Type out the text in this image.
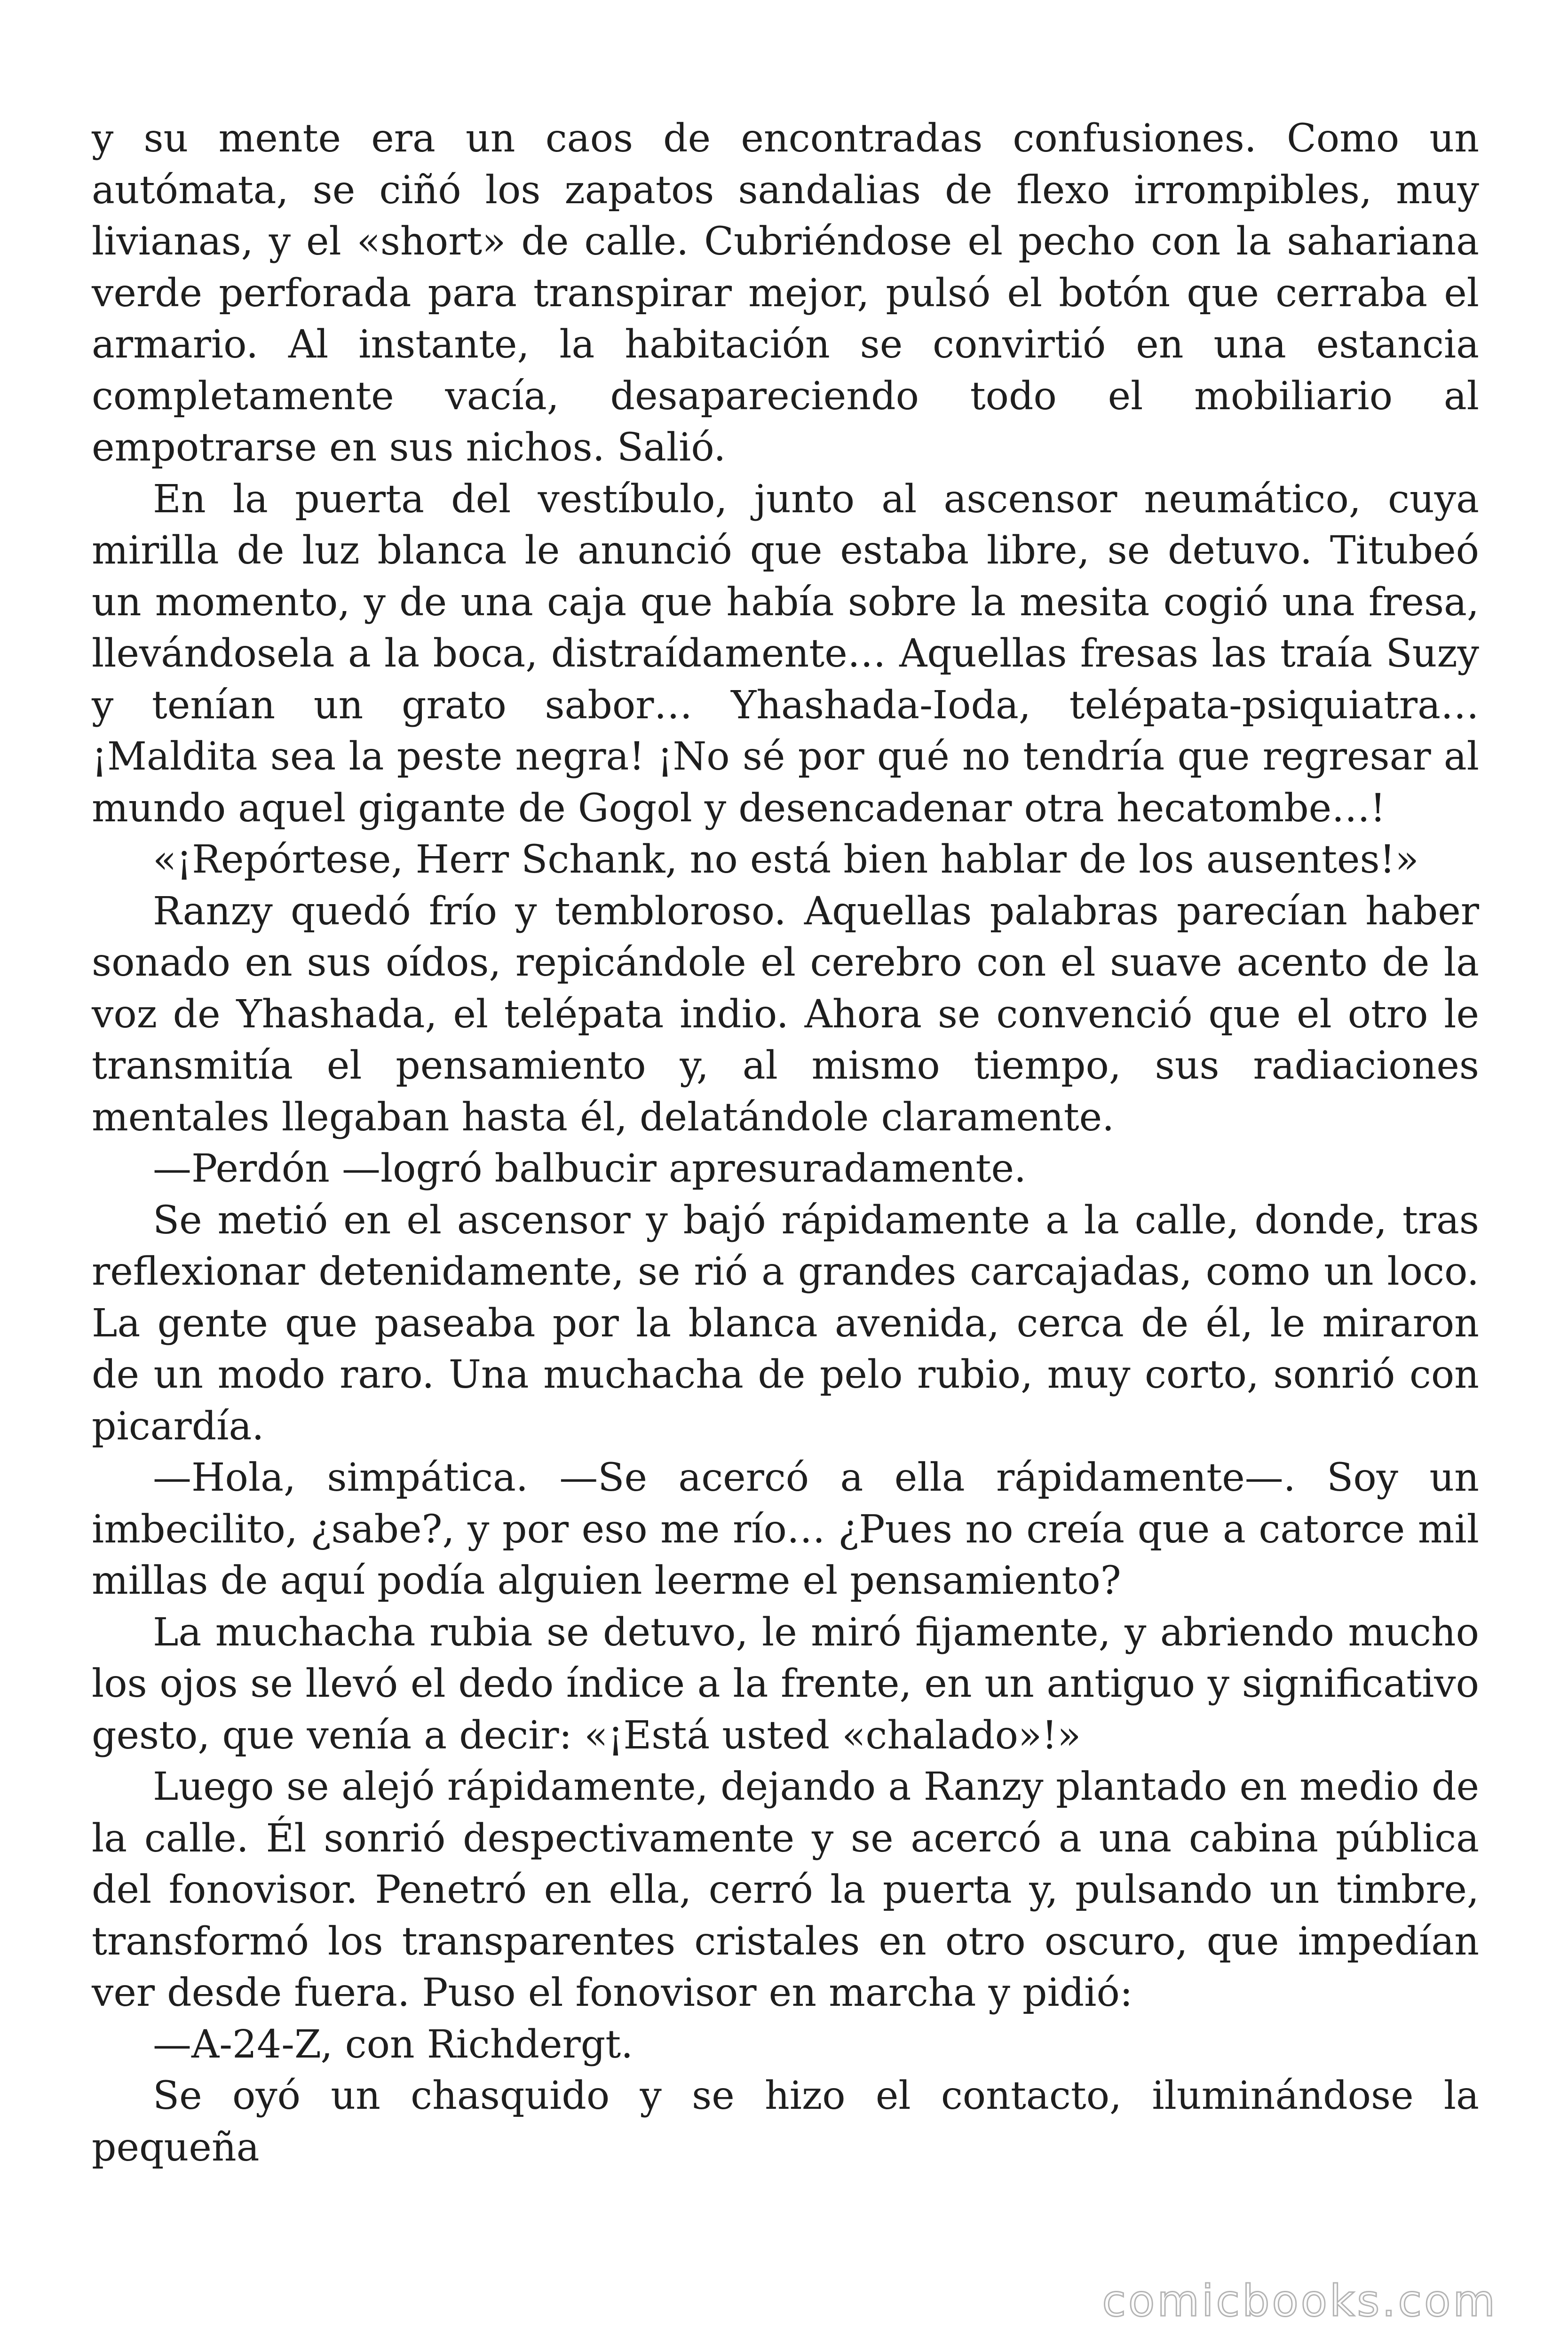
y su mente era un caos de encontradas confusiones. Como un autómata, se ciñó los zapatos sandalias de flexo irrompibles, muy livianas, y el «short» de calle. Cubriéndose el pecho con la sahariana verde perforada para transpirar mejor, pulsó el botón que cerraba el armario. Al instante, la habitación se convirtió en una estancia completamente vacía, desapareciendo todo el mobiliario al empotrarse en sus nichos. Salió.

En la puerta del vestíbulo, junto al ascensor neumático, cuya mirilla de luz blanca le anunció que estaba libre, se detuvo. Titubeó un momento, y de una caja que había sobre la mesita cogió una fresa, llevándosela a la boca, distraídamente… Aquellas fresas las traía Suzy y tenían un grato sabor… Yhashada-Ioda, telépata-psiquiatra… ¡Maldita sea la peste negra! ¡No sé por qué no tendría que regresar al mundo aquel gigante de Gogol y desencadenar otra hecatombe…!

«¡Repórtese, Herr Schank, no está bien hablar de los ausentes!»

Ranzy quedó frío y tembloroso. Aquellas palabras parecían haber sonado en sus oídos, repicándole el cerebro con el suave acento de la voz de Yhashada, el telépata indio. Ahora se convenció que el otro le transmitía el pensamiento y, al mismo tiempo, sus radiaciones mentales llegaban hasta él, delatándole claramente.

—Perdón —logró balbucir apresuradamente.

Se metió en el ascensor y bajó rápidamente a la calle, donde, tras reflexionar detenidamente, se rió a grandes carcajadas, como un loco. La gente que paseaba por la blanca avenida, cerca de él, le miraron de un modo raro. Una muchacha de pelo rubio, muy corto, sonrió con picardía.

—Hola, simpática. —Se acercó a ella rápidamente—. Soy un imbecilito, ¿sabe?, y por eso me río… ¿Pues no creía que a catorce mil millas de aquí podía alguien leerme el pensamiento?

La muchacha rubia se detuvo, le miró fijamente, y abriendo mucho los ojos se llevó el dedo índice a la frente, en un antiguo y significativo gesto, que venía a decir: «¡Está usted «chalado»!»

Luego se alejó rápidamente, dejando a Ranzy plantado en medio de la calle. Él sonrió despectivamente y se acercó a una cabina pública del fonovisor. Penetró en ella, cerró la puerta y, pulsando un timbre, transformó los transparentes cristales en otro oscuro, que impedían ver desde fuera. Puso el fonovisor en marcha y pidió:

—A-24-Z, con Richdergt.

Se oyó un chasquido y se hizo el contacto, iluminándose la pequeña

comicbooks.com
